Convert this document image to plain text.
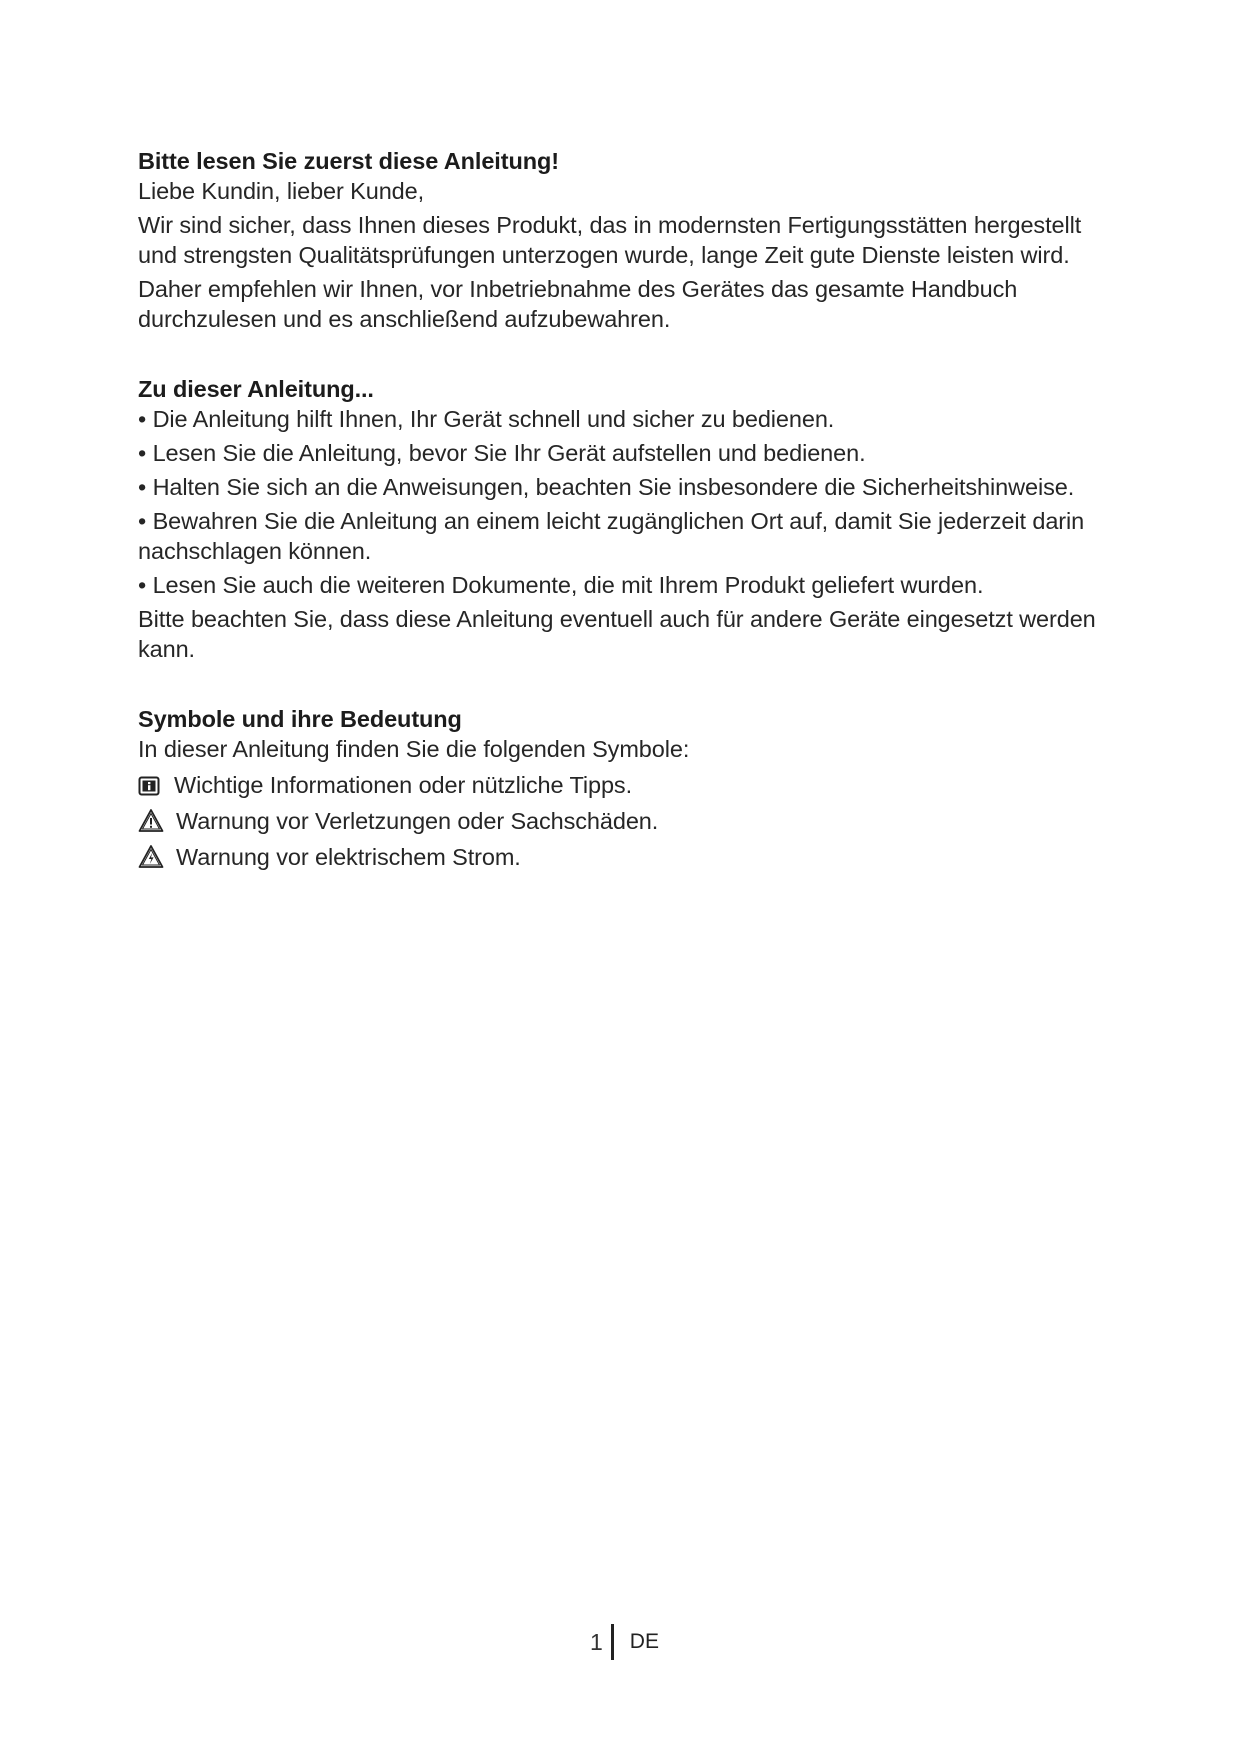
Bitte lesen Sie zuerst diese Anleitung!

Liebe Kundin, lieber Kunde,

Wir sind sicher, dass Ihnen dieses Produkt, das in modernsten Fertigungsstätten hergestellt und strengsten Qualitätsprüfungen unterzogen wurde, lange Zeit gute Dienste leisten wird.

Daher empfehlen wir Ihnen, vor Inbetriebnahme des Gerätes das gesamte Handbuch durchzulesen und es anschließend aufzubewahren.

Zu dieser Anleitung...

• Die Anleitung hilft Ihnen, Ihr Gerät schnell und sicher zu bedienen.

• Lesen Sie die Anleitung, bevor Sie Ihr Gerät aufstellen und bedienen.

• Halten Sie sich an die Anweisungen, beachten Sie insbesondere die Sicherheitshinweise.

• Bewahren Sie die Anleitung an einem leicht zugänglichen Ort auf, damit Sie jederzeit darin nachschlagen können.

• Lesen Sie auch die weiteren Dokumente, die mit Ihrem Produkt geliefert wurden.

Bitte beachten Sie, dass diese Anleitung eventuell auch für andere Geräte eingesetzt werden kann.

Symbole und ihre Bedeutung

In dieser Anleitung finden Sie die folgenden Symbole:

Wichtige Informationen oder nützliche Tipps.

Warnung vor Verletzungen oder Sachschäden.

Warnung vor elektrischem Strom.

1 DE
